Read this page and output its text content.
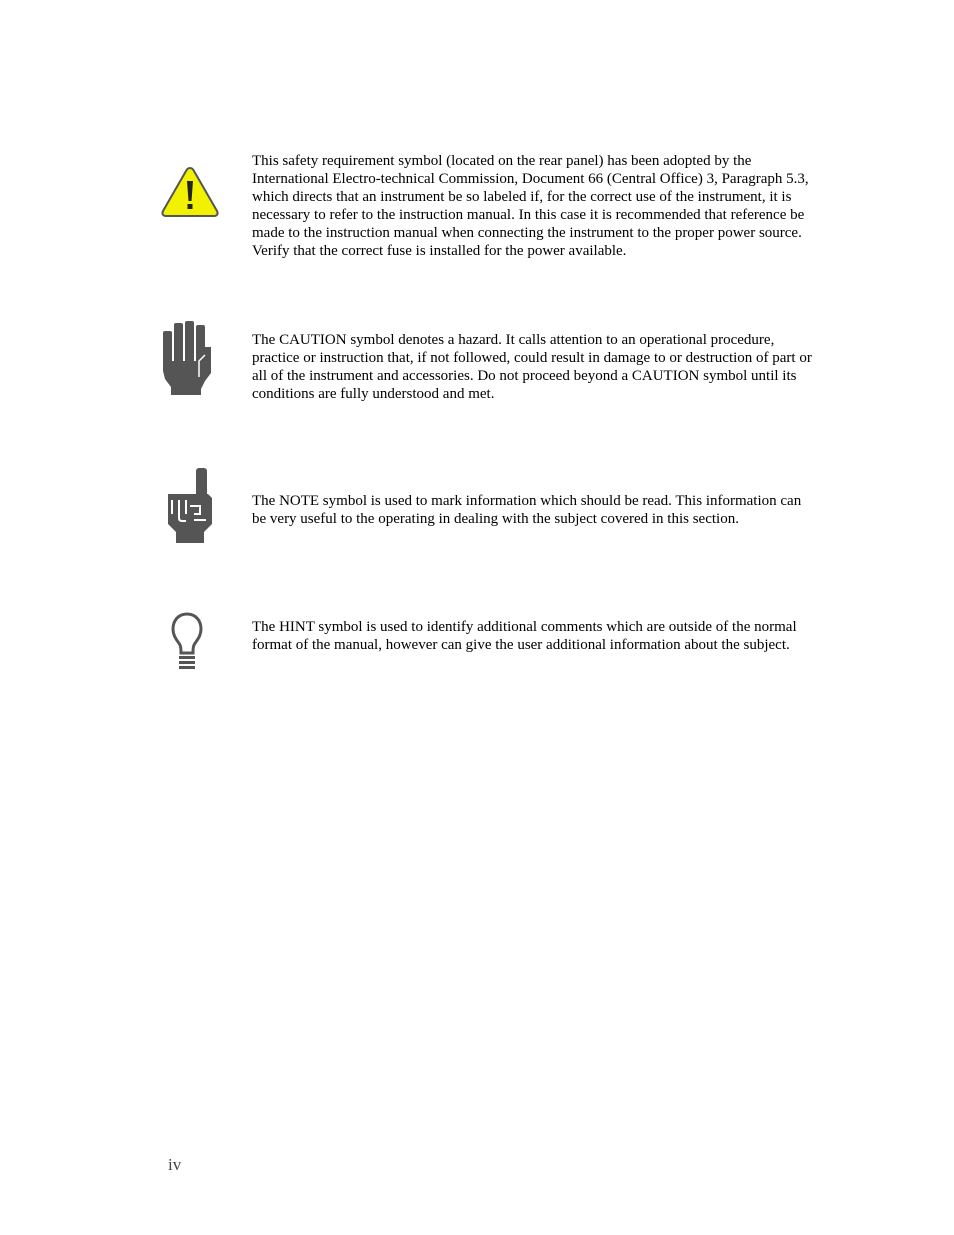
This safety requirement symbol (located on the rear panel) has been adopted by the International Electro-technical Commission, Document 66 (Central Office) 3, Paragraph 5.3, which directs that an instrument be so labeled if, for the correct use of the instrument, it is necessary to refer to the instruction manual. In this case it is recommended that reference be made to the instruction manual when connecting the instrument to the proper power source. Verify that the correct fuse is installed for the power available.

The CAUTION symbol denotes a hazard. It calls attention to an operational procedure, practice or instruction that, if not followed, could result in damage to or destruction of part or all of the instrument and accessories. Do not proceed beyond a CAUTION symbol until its conditions are fully understood and met.

The NOTE symbol is used to mark information which should be read. This information can be very useful to the operating in dealing with the subject covered in this section.

The HINT symbol is used to identify additional comments which are outside of the normal format of the manual, however can give the user additional information about the subject.

iv
